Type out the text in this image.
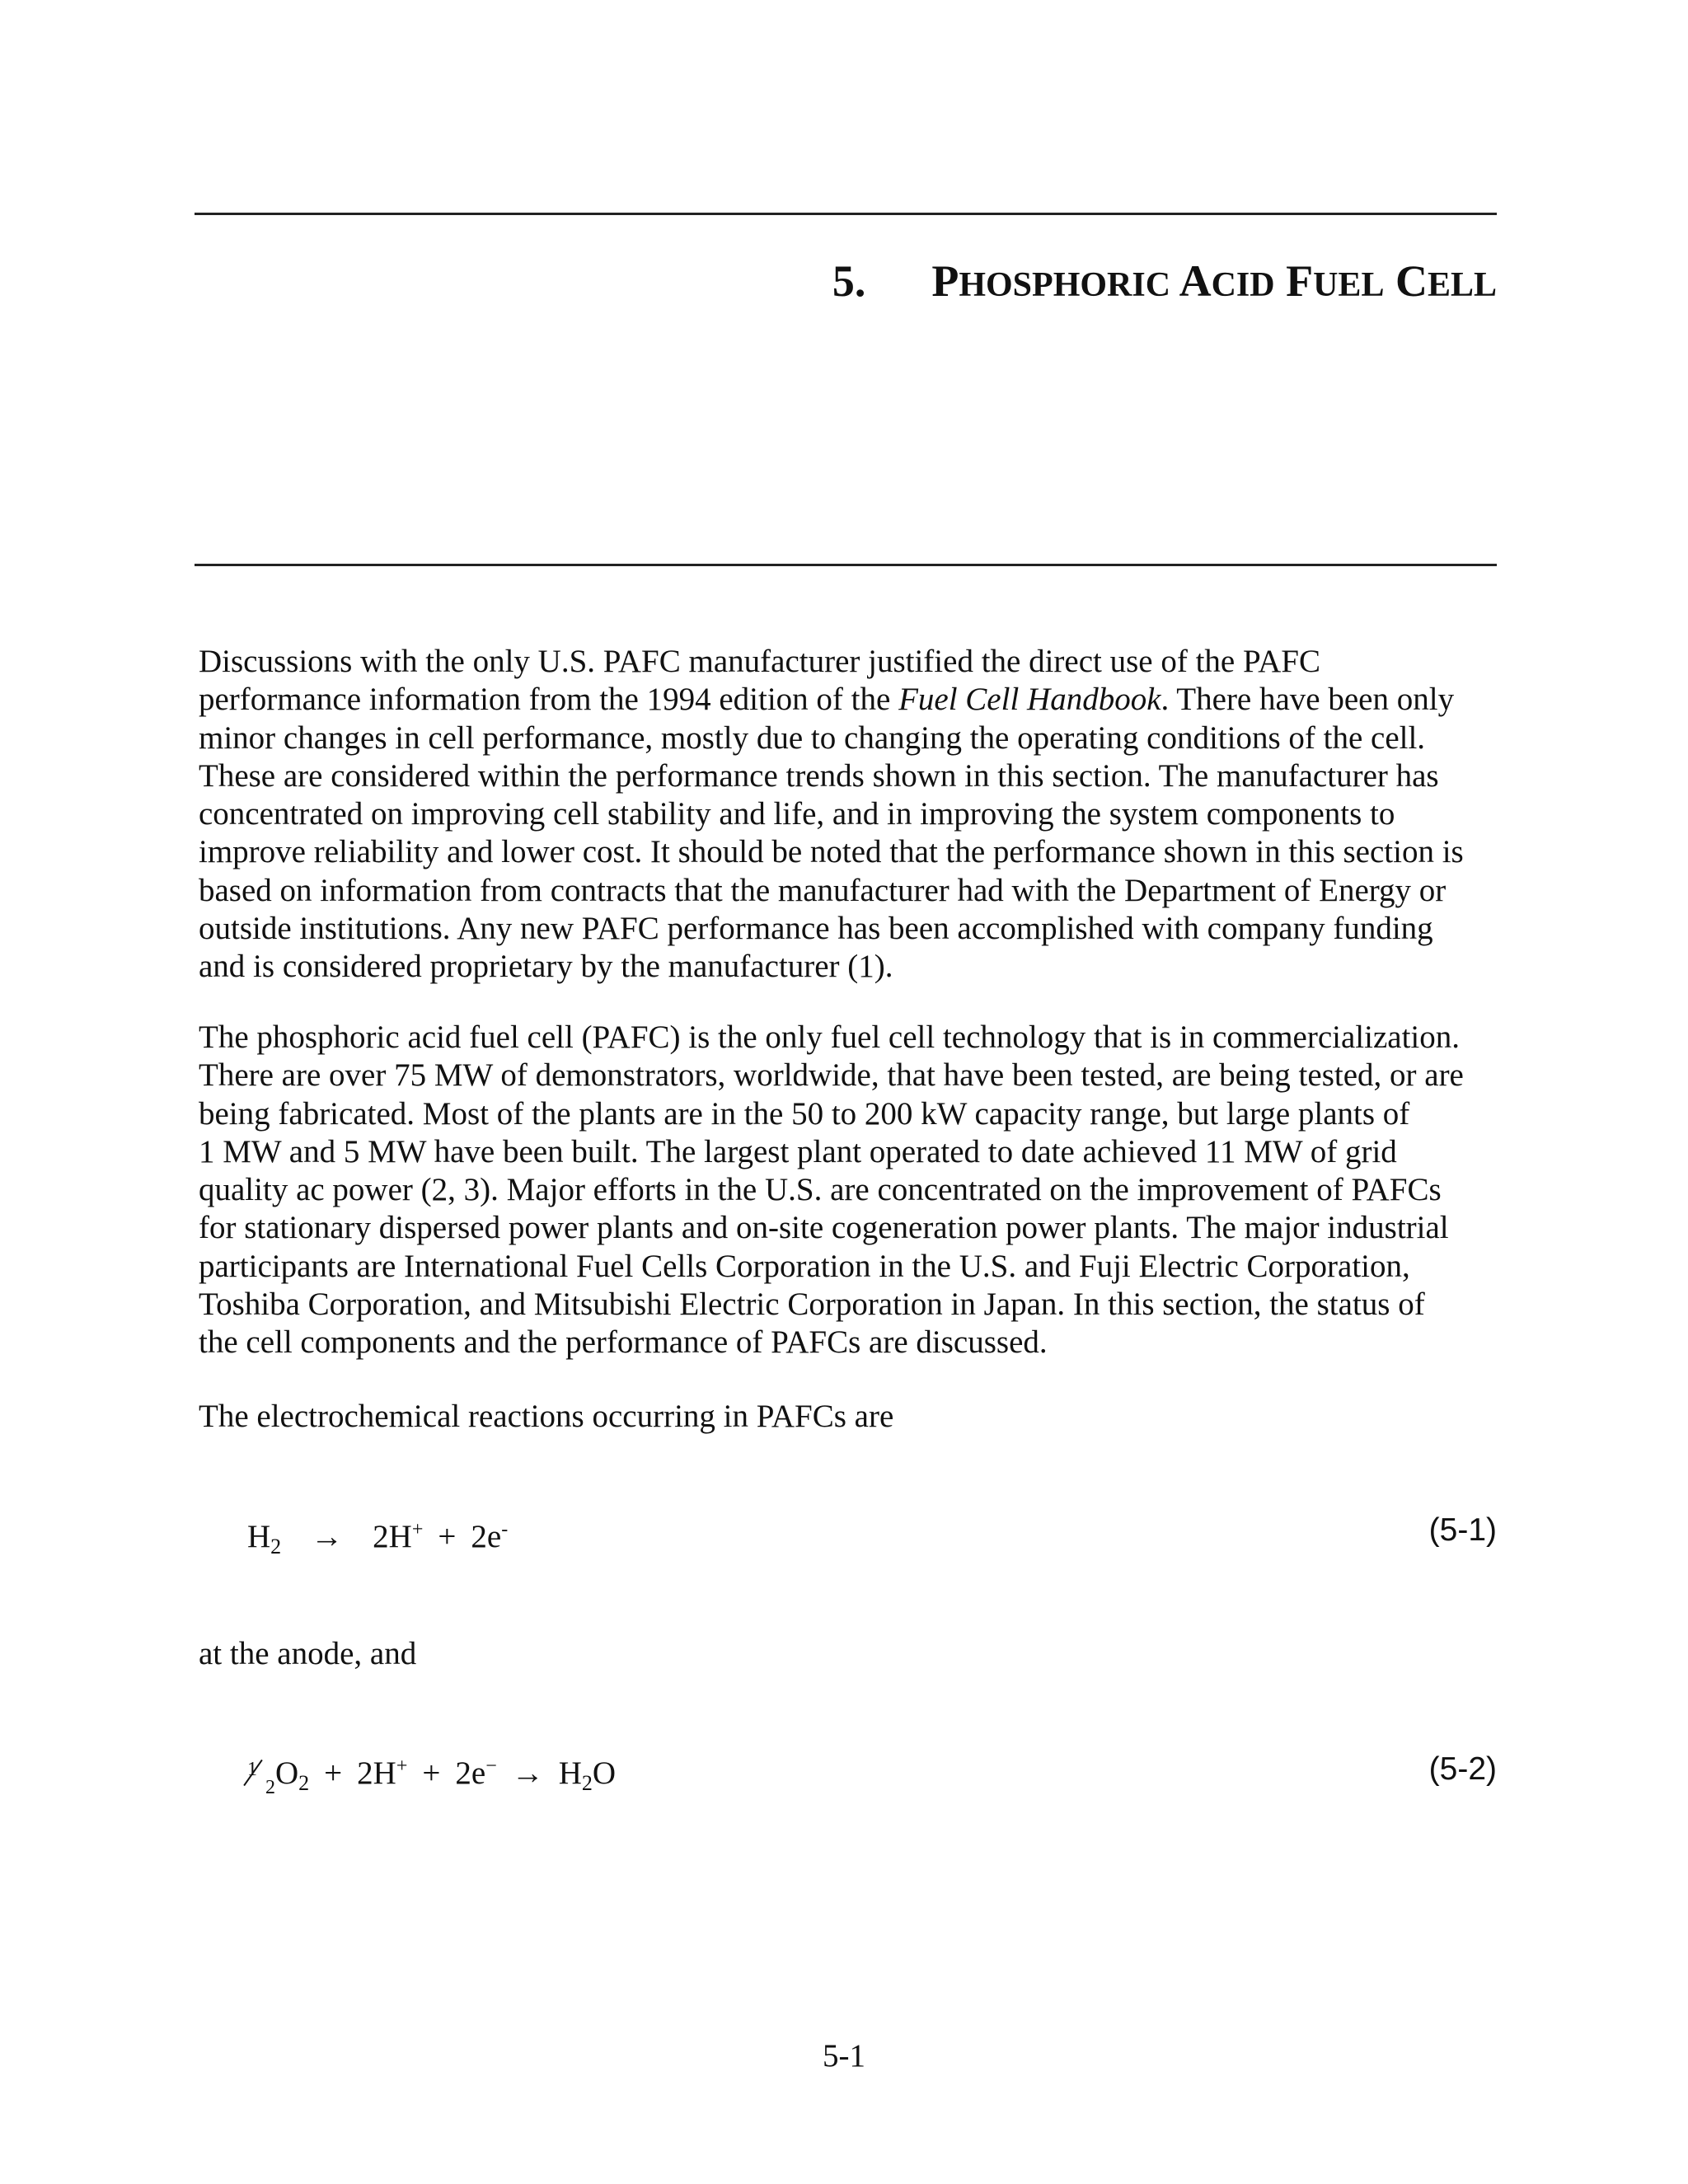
5. PHOSPHORIC ACID FUEL CELL

Discussions with the only U.S. PAFC manufacturer justified the direct use of the PAFC
performance information from the 1994 edition of the Fuel Cell Handbook. There have been only
minor changes in cell performance, mostly due to changing the operating conditions of the cell.
These are considered within the performance trends shown in this section. The manufacturer has
concentrated on improving cell stability and life, and in improving the system components to
improve reliability and lower cost. It should be noted that the performance shown in this section is
based on information from contracts that the manufacturer had with the Department of Energy or
outside institutions. Any new PAFC performance has been accomplished with company funding
and is considered proprietary by the manufacturer (1).

The phosphoric acid fuel cell (PAFC) is the only fuel cell technology that is in commercialization.
There are over 75 MW of demonstrators, worldwide, that have been tested, are being tested, or are
being fabricated. Most of the plants are in the 50 to 200 kW capacity range, but large plants of
1 MW and 5 MW have been built. The largest plant operated to date achieved 11 MW of grid
quality ac power (2, 3). Major efforts in the U.S. are concentrated on the improvement of PAFCs
for stationary dispersed power plants and on-site cogeneration power plants. The major industrial
participants are International Fuel Cells Corporation in the U.S. and Fuji Electric Corporation,
Toshiba Corporation, and Mitsubishi Electric Corporation in Japan. In this section, the status of
the cell components and the performance of PAFCs are discussed.

The electrochemical reactions occurring in PAFCs are

$H_2 \to 2H^+ + 2e^-$	(5-1)

at the anode, and

1
2 $O_2 + 2H^+ + 2e^- \to H_2O$	(5-2)
5-1
